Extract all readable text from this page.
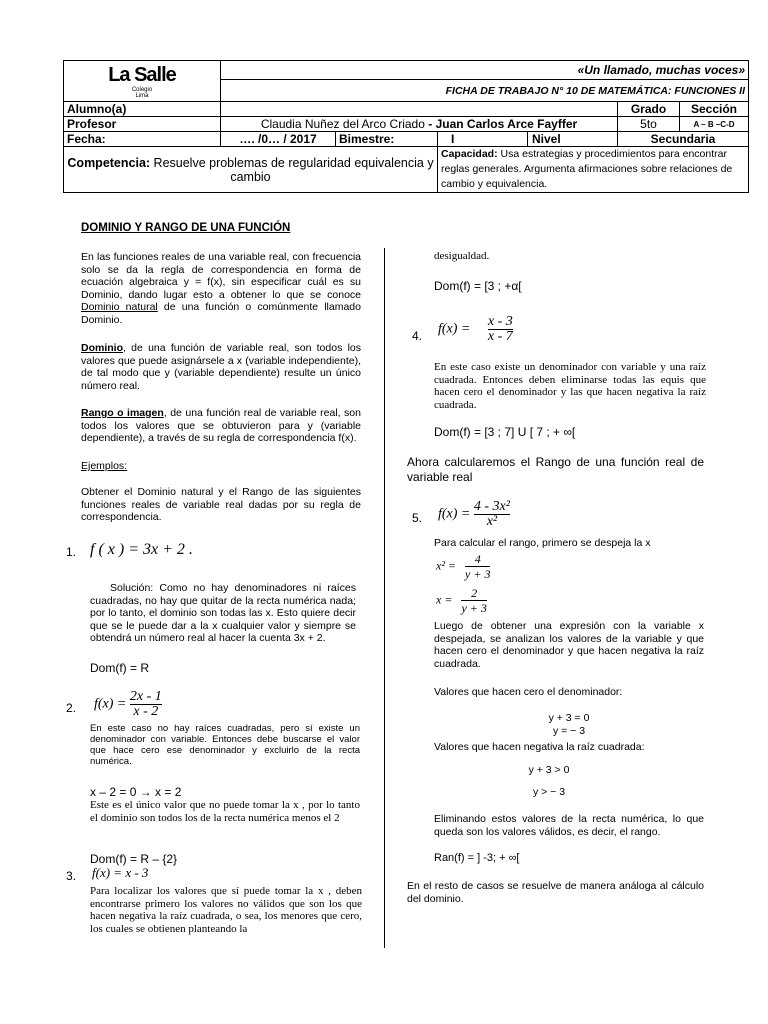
La Salle
Colegio
Lima	«Un llamado, muchas voces»				
	FICHA DE TRABAJO N° 10 DE MATEMÁTICA: FUNCIONES II				
Alumno(a)				Grado	Sección
Profesor	Claudia Nuñez del Arco Criado - Juan Carlos Arce Fayffer			5to	A – B –C-D
Fecha:	…. /0… / 2017	Bimestre:	I Nivel	Secundaria	
Competencia: Resuelve problemas de regularidad equivalencia y cambio			Capacidad: Usa estrategias y procedimientos para encontrar reglas generales. Argumenta afirmaciones sobre relaciones de cambio y equivalencia.		
DOMINIO Y RANGO DE UNA FUNCIÓN
En las funciones reales de una variable real, con frecuencia solo se da la regla de correspondencia en forma de ecuación algebraica y = f(x), sin especificar cuál es su Dominio, dando lugar esto a obtener lo que se conoce Dominio natural de una función o comúnmente llamado Dominio.
Dominio, de una función de variable real, son todos los valores que puede asignársele a x (variable independiente), de tal modo que y (variable dependiente) resulte un único número real.
Rango o imagen, de una función real de variable real, son todos los valores que se obtuvieron para y (variable dependiente), a través de su regla de correspondencia f(x).
Ejemplos:
Obtener el Dominio natural y el Rango de las siguientes funciones reales de variable real dadas por su regla de correspondencia.
1. f ( x ) = 3x + 2 .
Solución: Como no hay denominadores ni raíces cuadradas, no hay que quitar de la recta numérica nada; por lo tanto, el dominio son todas las x. Esto quiere decir que se le puede dar a la x cualquier valor y siempre se obtendrá un número real al hacer la cuenta 3x + 2.
Dom(f) = R
2. $f(x) = \frac{2x - 1}{x - 2}$
En este caso no hay raíces cuadradas, pero sí existe un denominador con variable. Entonces debe buscarse el valor que hace cero ese denominador y excluirlo de la recta numérica.
x – 2 = 0 → x = 2
Este es el único valor que no puede tomar la x , por lo tanto el dominio son todos los de la recta numérica menos el 2
Dom(f) = R – {2}
3. f(x) = x - 3
Para localizar los valores que sí puede tomar la x , deben encontrarse primero los valores no válidos que son los que hacen negativa la raíz cuadrada, o sea, los menores que cero, los cuales se obtienen planteando la
desigualdad.
Dom(f) = [3 ; +α[
4. $f(x) = \frac{x - 3}{x - 7}$
En este caso existe un denominador con variable y una raíz cuadrada. Entonces deben eliminarse todas las equis que hacen cero el denominador y las que hacen negativa la raíz cuadrada.
Dom(f) = [3 ; 7] U [ 7 ; + ∞[
Ahora calcularemos el Rango de una función real de variable real
5. $f(x) = \frac{\text{4 - 3x²}}{\text{x²}}$
Para calcular el rango, primero se despeja la x
$x^2 = \frac{4}{y + 3}$
$x = \frac{2}{y + 3}$
Luego de obtener una expresión con la variable x despejada, se analizan los valores de la variable y que hacen cero el denominador y que hacen negativa la raíz cuadrada.
Valores que hacen cero el denominador:
y + 3 = 0
y = − 3
Valores que hacen negativa la raíz cuadrada:
y + 3 > 0
y > − 3
Eliminando estos valores de la recta numérica, lo que queda son los valores válidos, es decir, el rango.
Ran(f) = ] -3; + ∞[
En el resto de casos se resuelve de manera análoga al cálculo del dominio.
